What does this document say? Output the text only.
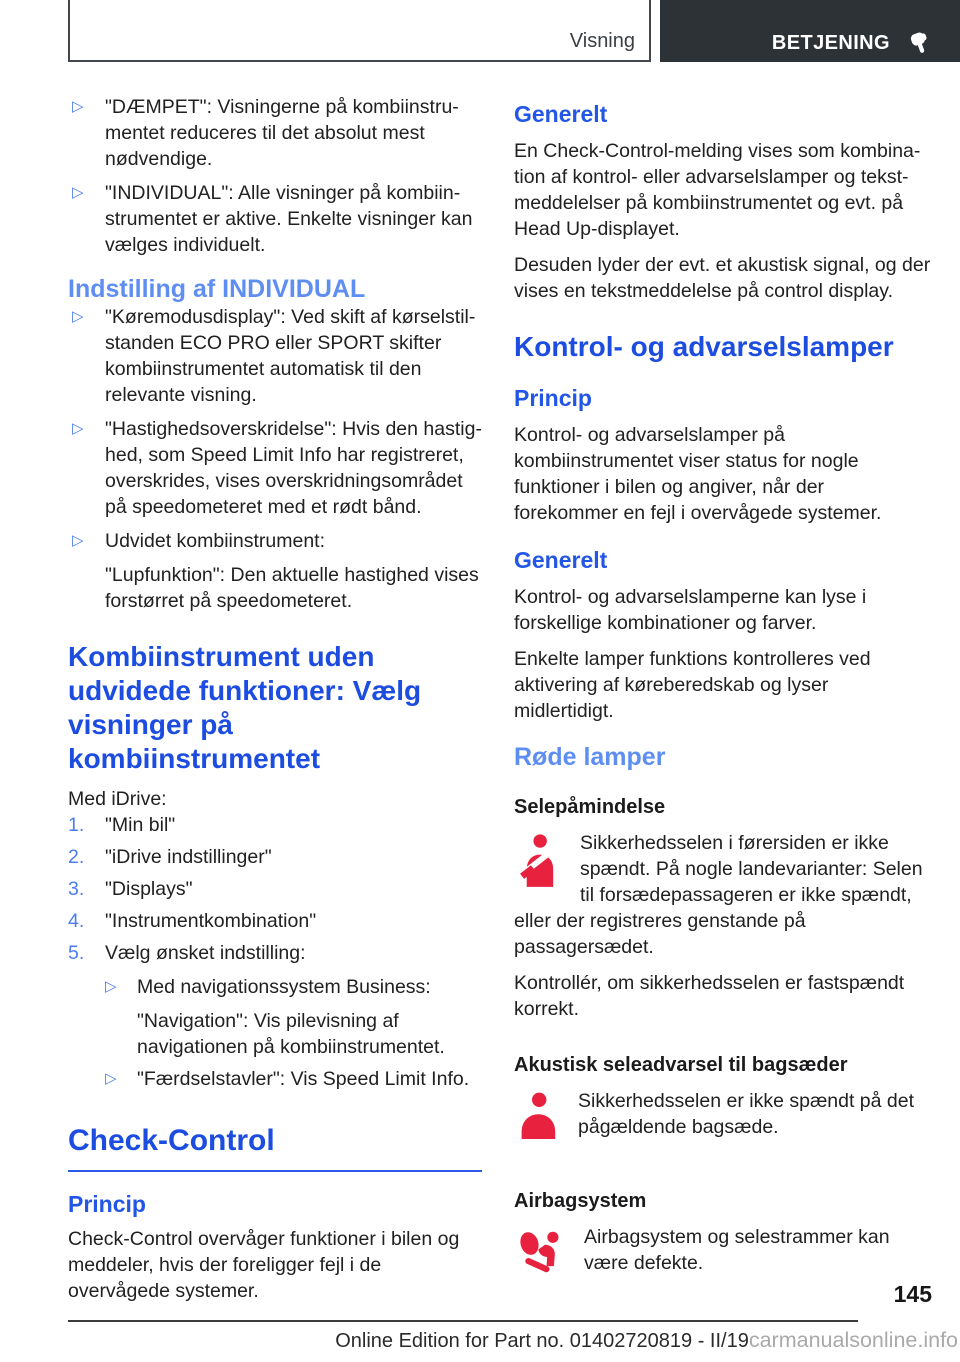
Visning	BETJENING
▷ "DÆMPET": Visningerne på kombiinstrumentet reduceres til det absolut mest nødvendige.
▷ "INDIVIDUAL": Alle visninger på kombiinstrumentet er aktive. Enkelte visninger kan vælges individuelt.
Indstilling af INDIVIDUAL
▷ "Køremodusdisplay": Ved skift af kørselstilstanden ECO PRO eller SPORT skifter kombiinstrumentet automatisk til den relevante visning.
▷ "Hastighedsoverskridelse": Hvis den hastighed, som Speed Limit Info har registreret, overskrides, vises overskridningsområdet på speedometeret med et rødt bånd.
▷ Udvidet kombiinstrument:

"Lupfunktion": Den aktuelle hastighed vises forstørret på speedometeret.

Kombiinstrument uden udvidede funktioner: Vælg visninger på kombiinstrumentet

Med iDrive:

1. "Min bil"
2. "iDrive indstillinger"
3. "Displays"
4. "Instrumentkombination"
5. Vælg ønsket indstilling:
▷ Med navigationssystem Business:

"Navigation": Vis pilevisning af navigationen på kombiinstrumentet.

▷ "Færdselstavler": Vis Speed Limit Info.
Check-Control
Princip

Check-Control overvåger funktioner i bilen og meddeler, hvis der foreligger fejl i de overvågede systemer.

Generelt

En Check-Control-melding vises som kombination af kontrol- eller advarselslamper og tekstmeddelelser på kombiinstrumentet og evt. på Head Up-displayet.

Desuden lyder der evt. et akustisk signal, og der vises en tekstmeddelelse på control display.

Kontrol- og advarselslamper
Princip

Kontrol- og advarselslamper på kombiinstrumentet viser status for nogle funktioner i bilen og angiver, når der forekommer en fejl i overvågede systemer.

Generelt

Kontrol- og advarselslamperne kan lyse i forskellige kombinationer og farver.

Enkelte lamper funktions kontrolleres ved aktivering af køreberedskab og lyser midlertidigt.

Røde lamper
Selepåmindelse

Sikkerhedsselen i førersiden er ikke spændt. På nogle landevarianter: Selen til forsædepassageren er ikke spændt, eller der registreres genstande på passagersædet.

Kontrollér, om sikkerhedsselen er fastspændt korrekt.

Akustisk seleadvarsel til bagsæder

Sikkerhedsselen er ikke spændt på det pågældende bagsæde.

Airbagsystem

Airbagsystem og selestrammer kan være defekte.

145
Online Edition for Part no. 01402720819 - II/19carmanualsonline.info
